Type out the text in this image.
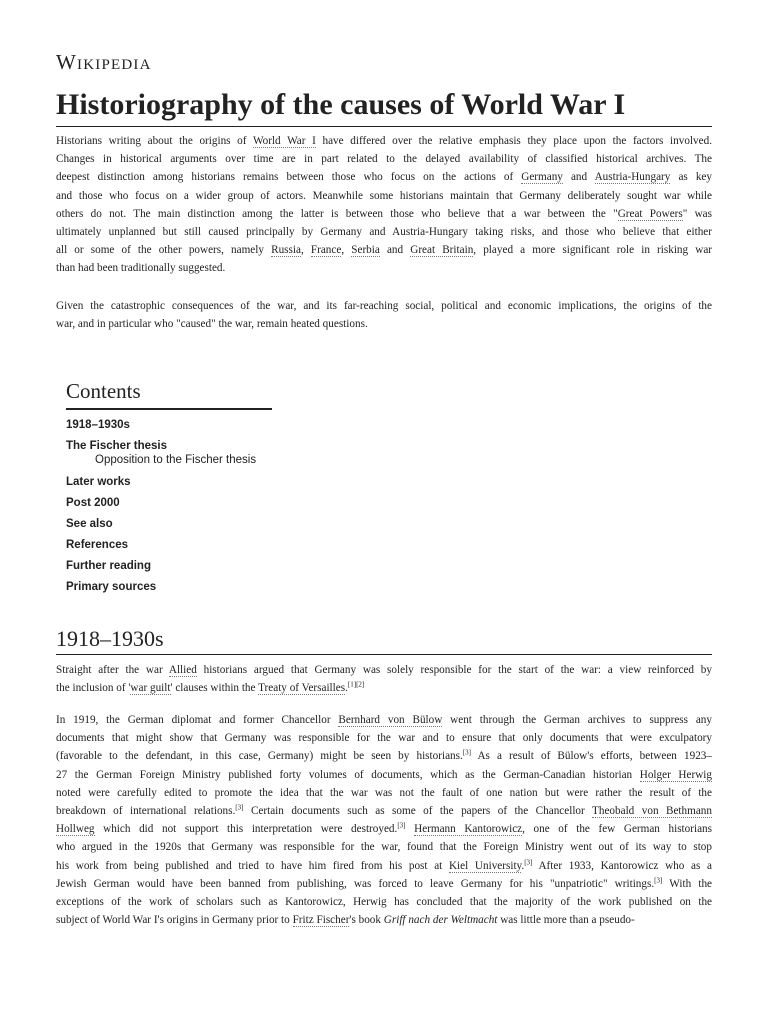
Wikipedia
Historiography of the causes of World War I
Historians writing about the origins of World War I have differed over the relative emphasis they place upon the factors involved.
Changes in historical arguments over time are in part related to the delayed availability of classified historical archives. The
deepest distinction among historians remains between those who focus on the actions of Germany and Austria-Hungary as key
and those who focus on a wider group of actors. Meanwhile some historians maintain that Germany deliberately sought war while
others do not. The main distinction among the latter is between those who believe that a war between the "Great Powers" was
ultimately unplanned but still caused principally by Germany and Austria-Hungary taking risks, and those who believe that either
all or some of the other powers, namely Russia, France, Serbia and Great Britain, played a more significant role in risking war
than had been traditionally suggested.
Given the catastrophic consequences of the war, and its far-reaching social, political and economic implications, the origins of the
war, and in particular who "caused" the war, remain heated questions.
Contents
1918–1930s
The Fischer thesis
Opposition to the Fischer thesis
Later works
Post 2000
See also
References
Further reading
Primary sources
1918–1930s
Straight after the war Allied historians argued that Germany was solely responsible for the start of the war: a view reinforced by
the inclusion of 'war guilt' clauses within the Treaty of Versailles.[1][2]
In 1919, the German diplomat and former Chancellor Bernhard von Bülow went through the German archives to suppress any
documents that might show that Germany was responsible for the war and to ensure that only documents that were exculpatory
(favorable to the defendant, in this case, Germany) might be seen by historians.[3] As a result of Bülow's efforts, between 1923–
27 the German Foreign Ministry published forty volumes of documents, which as the German-Canadian historian Holger Herwig
noted were carefully edited to promote the idea that the war was not the fault of one nation but were rather the result of the
breakdown of international relations.[3] Certain documents such as some of the papers of the Chancellor Theobald von Bethmann
Hollweg which did not support this interpretation were destroyed.[3] Hermann Kantorowicz, one of the few German historians
who argued in the 1920s that Germany was responsible for the war, found that the Foreign Ministry went out of its way to stop
his work from being published and tried to have him fired from his post at Kiel University.[3] After 1933, Kantorowicz who as a
Jewish German would have been banned from publishing, was forced to leave Germany for his "unpatriotic" writings.[3] With the
exceptions of the work of scholars such as Kantorowicz, Herwig has concluded that the majority of the work published on the
subject of World War I's origins in Germany prior to Fritz Fischer's book Griff nach der Weltmacht was little more than a pseudo-
